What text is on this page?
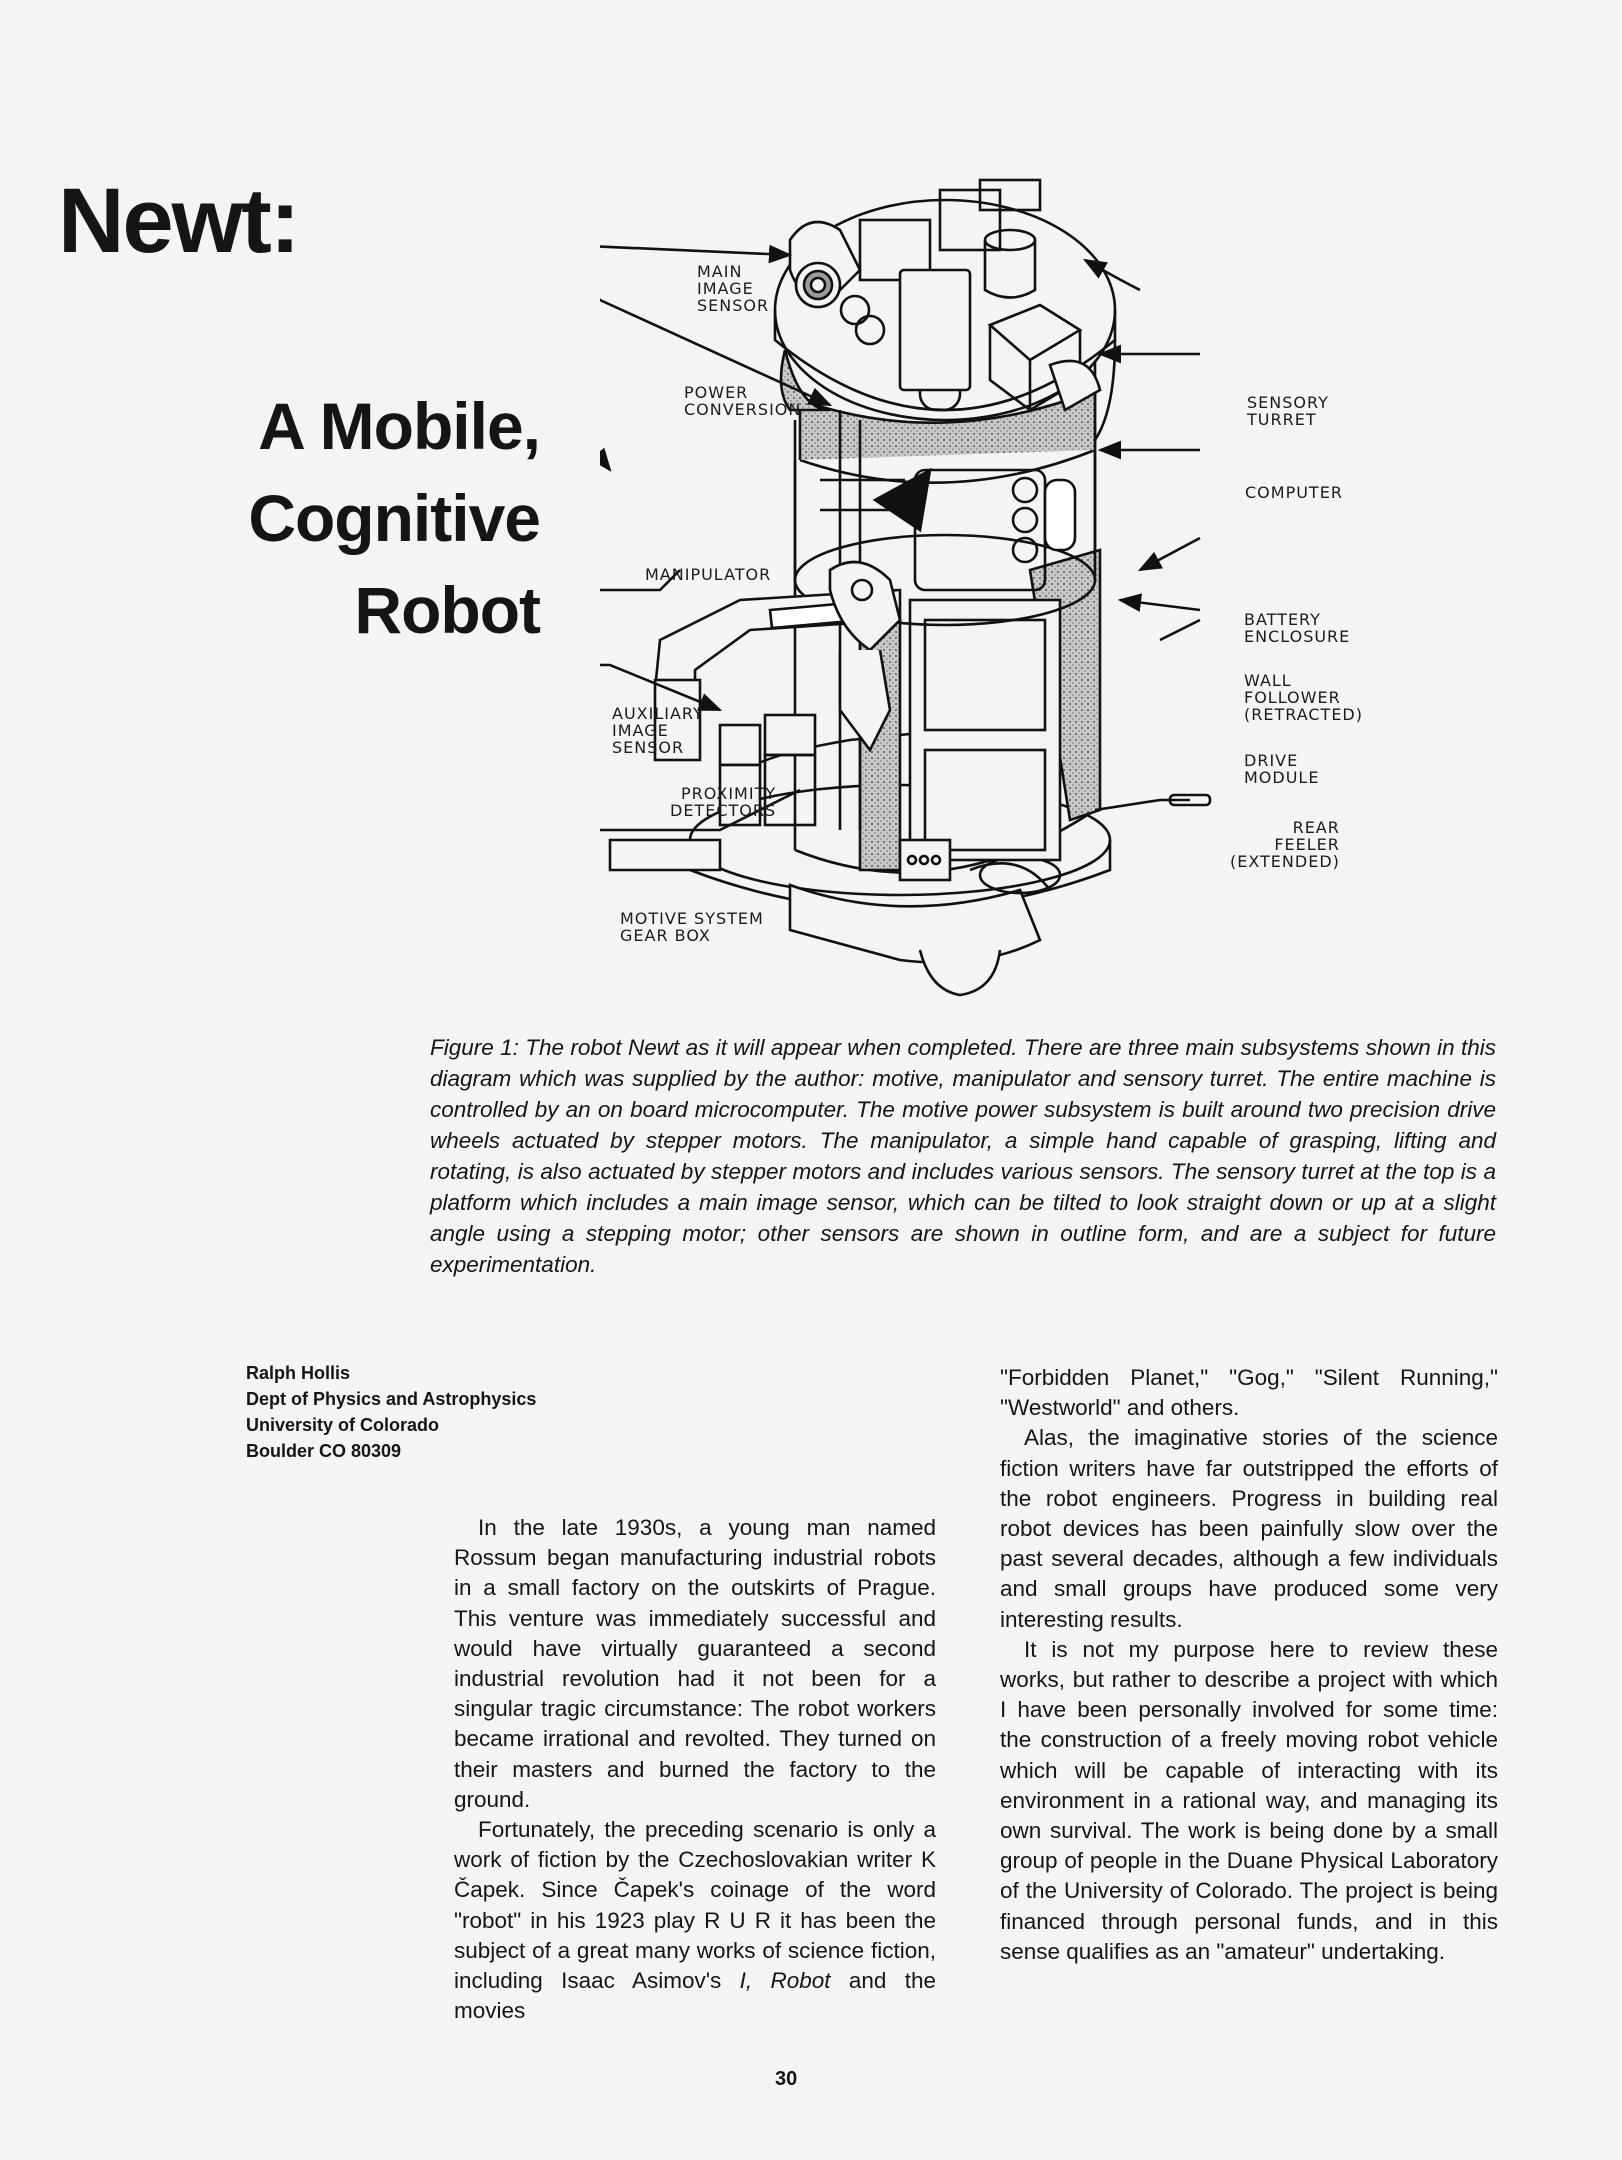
Newt:
A Mobile,
Cognitive
Robot
MAIN
IMAGE
SENSOR
POWER
CONVERSION	SENSORY
TURRET
COMPUTER
MANIPULATOR
BATTERY
ENCLOSURE
WALL
FOLLOWER
(RETRACTED)
AUXILIARY
IMAGE
SENSOR
DRIVE
MODULE
PROXIMITY
DETECTORS
REAR
FEELER
(EXTENDED)
MOTIVE SYSTEM
GEAR BOX

Figure 1: The robot Newt as it will appear when completed. There are three main subsystems shown in this diagram which was supplied by the author: motive, manipulator and sensory turret. The entire machine is controlled by an on board microcomputer. The motive power subsystem is built around two precision drive wheels actuated by stepper motors. The manipulator, a simple hand capable of grasping, lifting and rotating, is also actuated by stepper motors and includes various sensors. The sensory turret at the top is a platform which includes a main image sensor, which can be tilted to look straight down or up at a slight angle using a stepping motor; other sensors are shown in outline form, and are a subject for future experimentation.

Ralph Hollis
Dept of Physics and Astrophysics
University of Colorado
Boulder CO 80309

In the late 1930s, a young man named Rossum began manufacturing industrial robots in a small factory on the outskirts of Prague. This venture was immediately successful and would have virtually guaranteed a second industrial revolution had it not been for a singular tragic circumstance: The robot workers became irrational and revolted. They turned on their masters and burned the factory to the ground.

Fortunately, the preceding scenario is only a work of fiction by the Czechoslovakian writer K Čapek. Since Čapek's coinage of the word "robot" in his 1923 play R U R it has been the subject of a great many works of science fiction, including Isaac Asimov's I, Robot and the movies

"Forbidden Planet," "Gog," "Silent Running," "Westworld" and others.

Alas, the imaginative stories of the science fiction writers have far outstripped the efforts of the robot engineers. Progress in building real robot devices has been painfully slow over the past several decades, although a few individuals and small groups have produced some very interesting results.

It is not my purpose here to review these works, but rather to describe a project with which I have been personally involved for some time: the construction of a freely moving robot vehicle which will be capable of interacting with its environment in a rational way, and managing its own survival. The work is being done by a small group of people in the Duane Physical Laboratory of the University of Colorado. The project is being financed through personal funds, and in this sense qualifies as an "amateur" undertaking.

30
